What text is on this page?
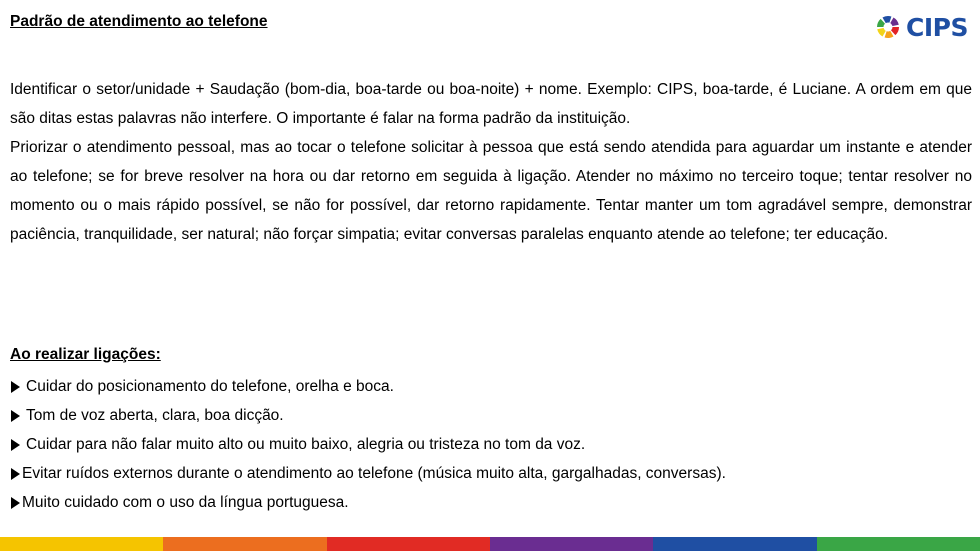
Padrão de atendimento ao telefone	CIPS

Identificar o setor/unidade + Saudação (bom-dia, boa-tarde ou boa-noite) + nome. Exemplo: CIPS, boa-tarde, é Luciane. A ordem em que são ditas estas palavras não interfere. O importante é falar na forma padrão da instituição.

Priorizar o atendimento pessoal, mas ao tocar o telefone solicitar à pessoa que está sendo atendida para aguardar um instante e atender ao telefone; se for breve resolver na hora ou dar retorno em seguida à ligação. Atender no máximo no terceiro toque; tentar resolver no momento ou o mais rápido possível, se não for possível, dar retorno rapidamente. Tentar manter um tom agradável sempre, demonstrar paciência, tranquilidade, ser natural; não forçar simpatia; evitar conversas paralelas enquanto atende ao telefone; ter educação.

Ao realizar ligações:
Cuidar do posicionamento do telefone, orelha e boca.
Tom de voz aberta, clara, boa dicção.
Cuidar para não falar muito alto ou muito baixo, alegria ou tristeza no tom da voz.
Evitar ruídos externos durante o atendimento ao telefone (música muito alta, gargalhadas, conversas).
Muito cuidado com o uso da língua portuguesa.
